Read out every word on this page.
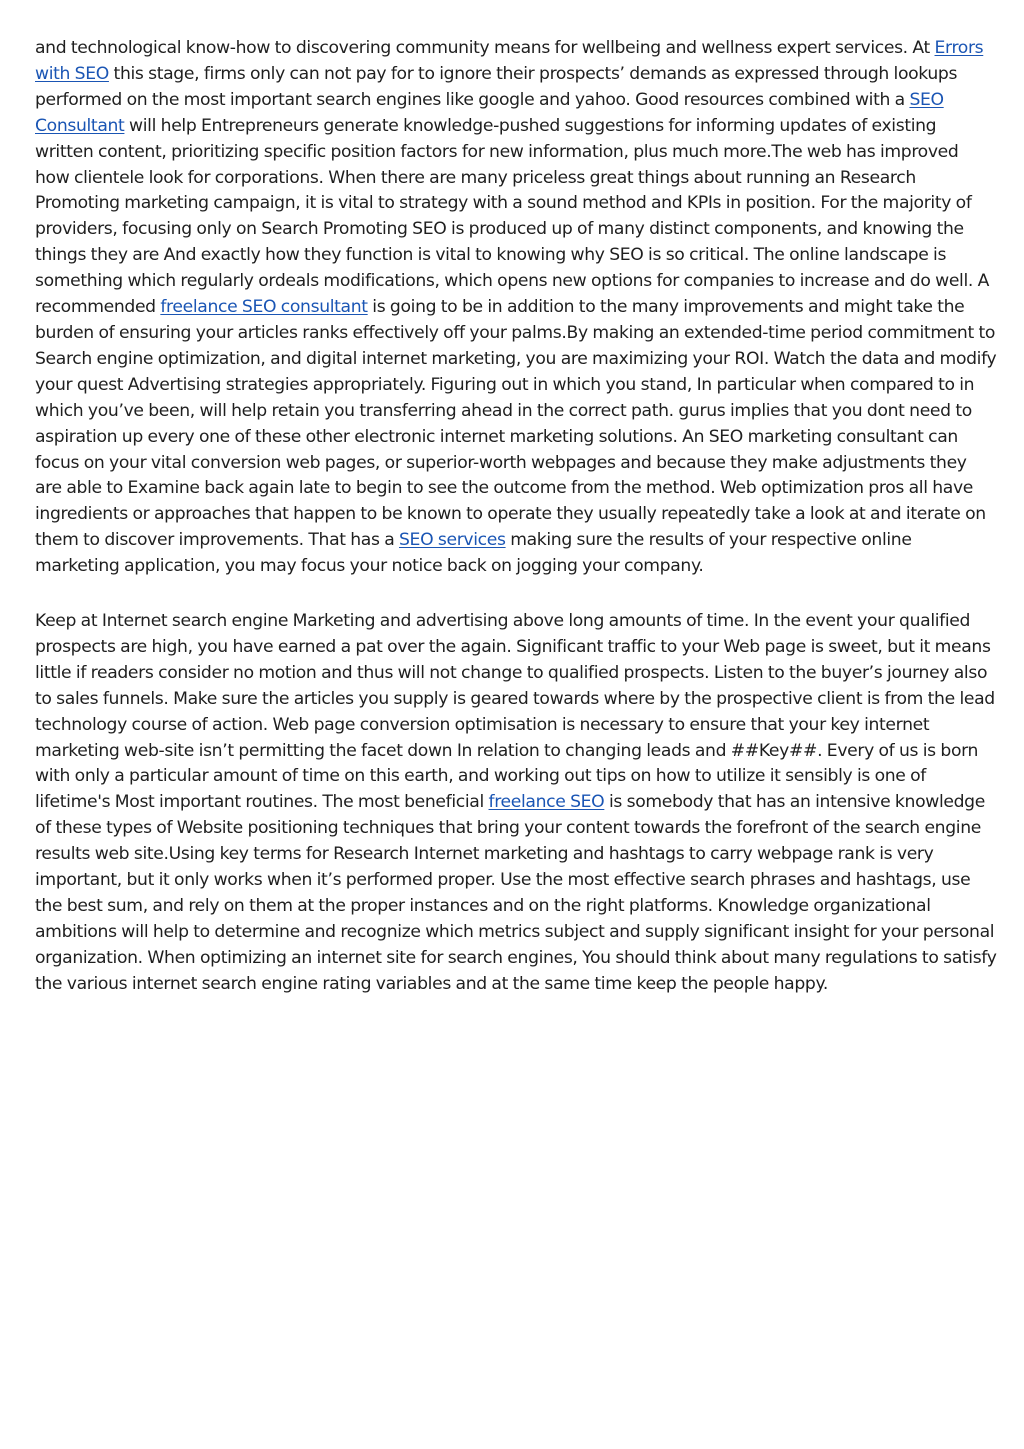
and technological know-how to discovering community means for wellbeing and wellness expert services. At Errors with SEO this stage, firms only can not pay for to ignore their prospects’ demands as expressed through lookups performed on the most important search engines like google and yahoo. Good resources combined with a SEO Consultant will help Entrepreneurs generate knowledge-pushed suggestions for informing updates of existing written content, prioritizing specific position factors for new information, plus much more.The web has improved how clientele look for corporations. When there are many priceless great things about running an Research Promoting marketing campaign, it is vital to strategy with a sound method and KPIs in position. For the majority of providers, focusing only on Search Promoting SEO is produced up of many distinct components, and knowing the things they are And exactly how they function is vital to knowing why SEO is so critical. The online landscape is something which regularly ordeals modifications, which opens new options for companies to increase and do well. A recommended freelance SEO consultant is going to be in addition to the many improvements and might take the burden of ensuring your articles ranks effectively off your palms.By making an extended-time period commitment to Search engine optimization, and digital internet marketing, you are maximizing your ROI. Watch the data and modify your quest Advertising strategies appropriately. Figuring out in which you stand, In particular when compared to in which you’ve been, will help retain you transferring ahead in the correct path. gurus implies that you dont need to aspiration up every one of these other electronic internet marketing solutions. An SEO marketing consultant can focus on your vital conversion web pages, or superior-worth webpages and because they make adjustments they are able to Examine back again late to begin to see the outcome from the method. Web optimization pros all have ingredients or approaches that happen to be known to operate they usually repeatedly take a look at and iterate on them to discover improvements. That has a SEO services making sure the results of your respective online marketing application, you may focus your notice back on jogging your company.

Keep at Internet search engine Marketing and advertising above long amounts of time. In the event your qualified prospects are high, you have earned a pat over the again. Significant traffic to your Web page is sweet, but it means little if readers consider no motion and thus will not change to qualified prospects. Listen to the buyer’s journey also to sales funnels. Make sure the articles you supply is geared towards where by the prospective client is from the lead technology course of action. Web page conversion optimisation is necessary to ensure that your key internet marketing web-site isn’t permitting the facet down In relation to changing leads and ##Key##. Every of us is born with only a particular amount of time on this earth, and working out tips on how to utilize it sensibly is one of lifetime's Most important routines. The most beneficial freelance SEO is somebody that has an intensive knowledge of these types of Website positioning techniques that bring your content towards the forefront of the search engine results web site.Using key terms for Research Internet marketing and hashtags to carry webpage rank is very important, but it only works when it’s performed proper. Use the most effective search phrases and hashtags, use the best sum, and rely on them at the proper instances and on the right platforms. Knowledge organizational ambitions will help to determine and recognize which metrics subject and supply significant insight for your personal organization. When optimizing an internet site for search engines, You should think about many regulations to satisfy the various internet search engine rating variables and at the same time keep the people happy.
